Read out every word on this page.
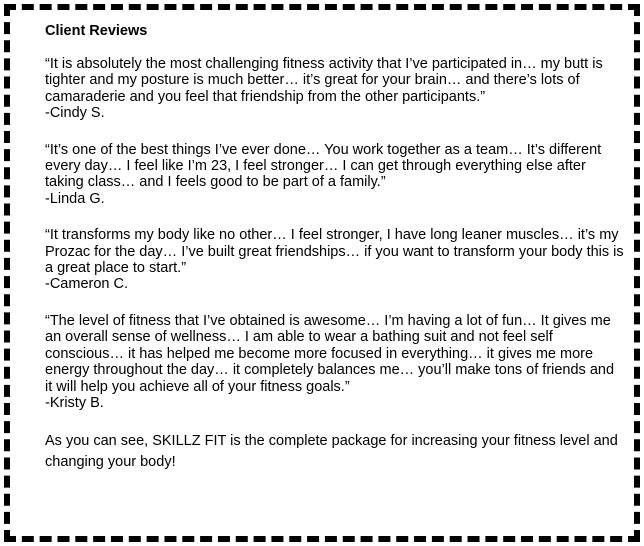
Client Reviews

“It is absolutely the most challenging fitness activity that I’ve participated in… my butt is tighter and my posture is much better… it’s great for your brain… and there’s lots of camaraderie and you feel that friendship from the other participants.”

-Cindy S.

“It’s one of the best things I’ve ever done… You work together as a team… It’s different every day… I feel like I’m 23, I feel stronger… I can get through everything else after taking class… and I feels good to be part of a family.”

-Linda G.

“It transforms my body like no other… I feel stronger, I have long leaner muscles… it’s my Prozac for the day… I’ve built great friendships… if you want to transform your body this is a great place to start.”

-Cameron C.

“The level of fitness that I’ve obtained is awesome… I’m having a lot of fun… It gives me an overall sense of wellness… I am able to wear a bathing suit and not feel self conscious… it has helped me become more focused in everything… it gives me more energy throughout the day… it completely balances me… you’ll make tons of friends and it will help you achieve all of your fitness goals.”

-Kristy B.

As you can see, SKILLZ FIT is the complete package for increasing your fitness level and changing your body!
